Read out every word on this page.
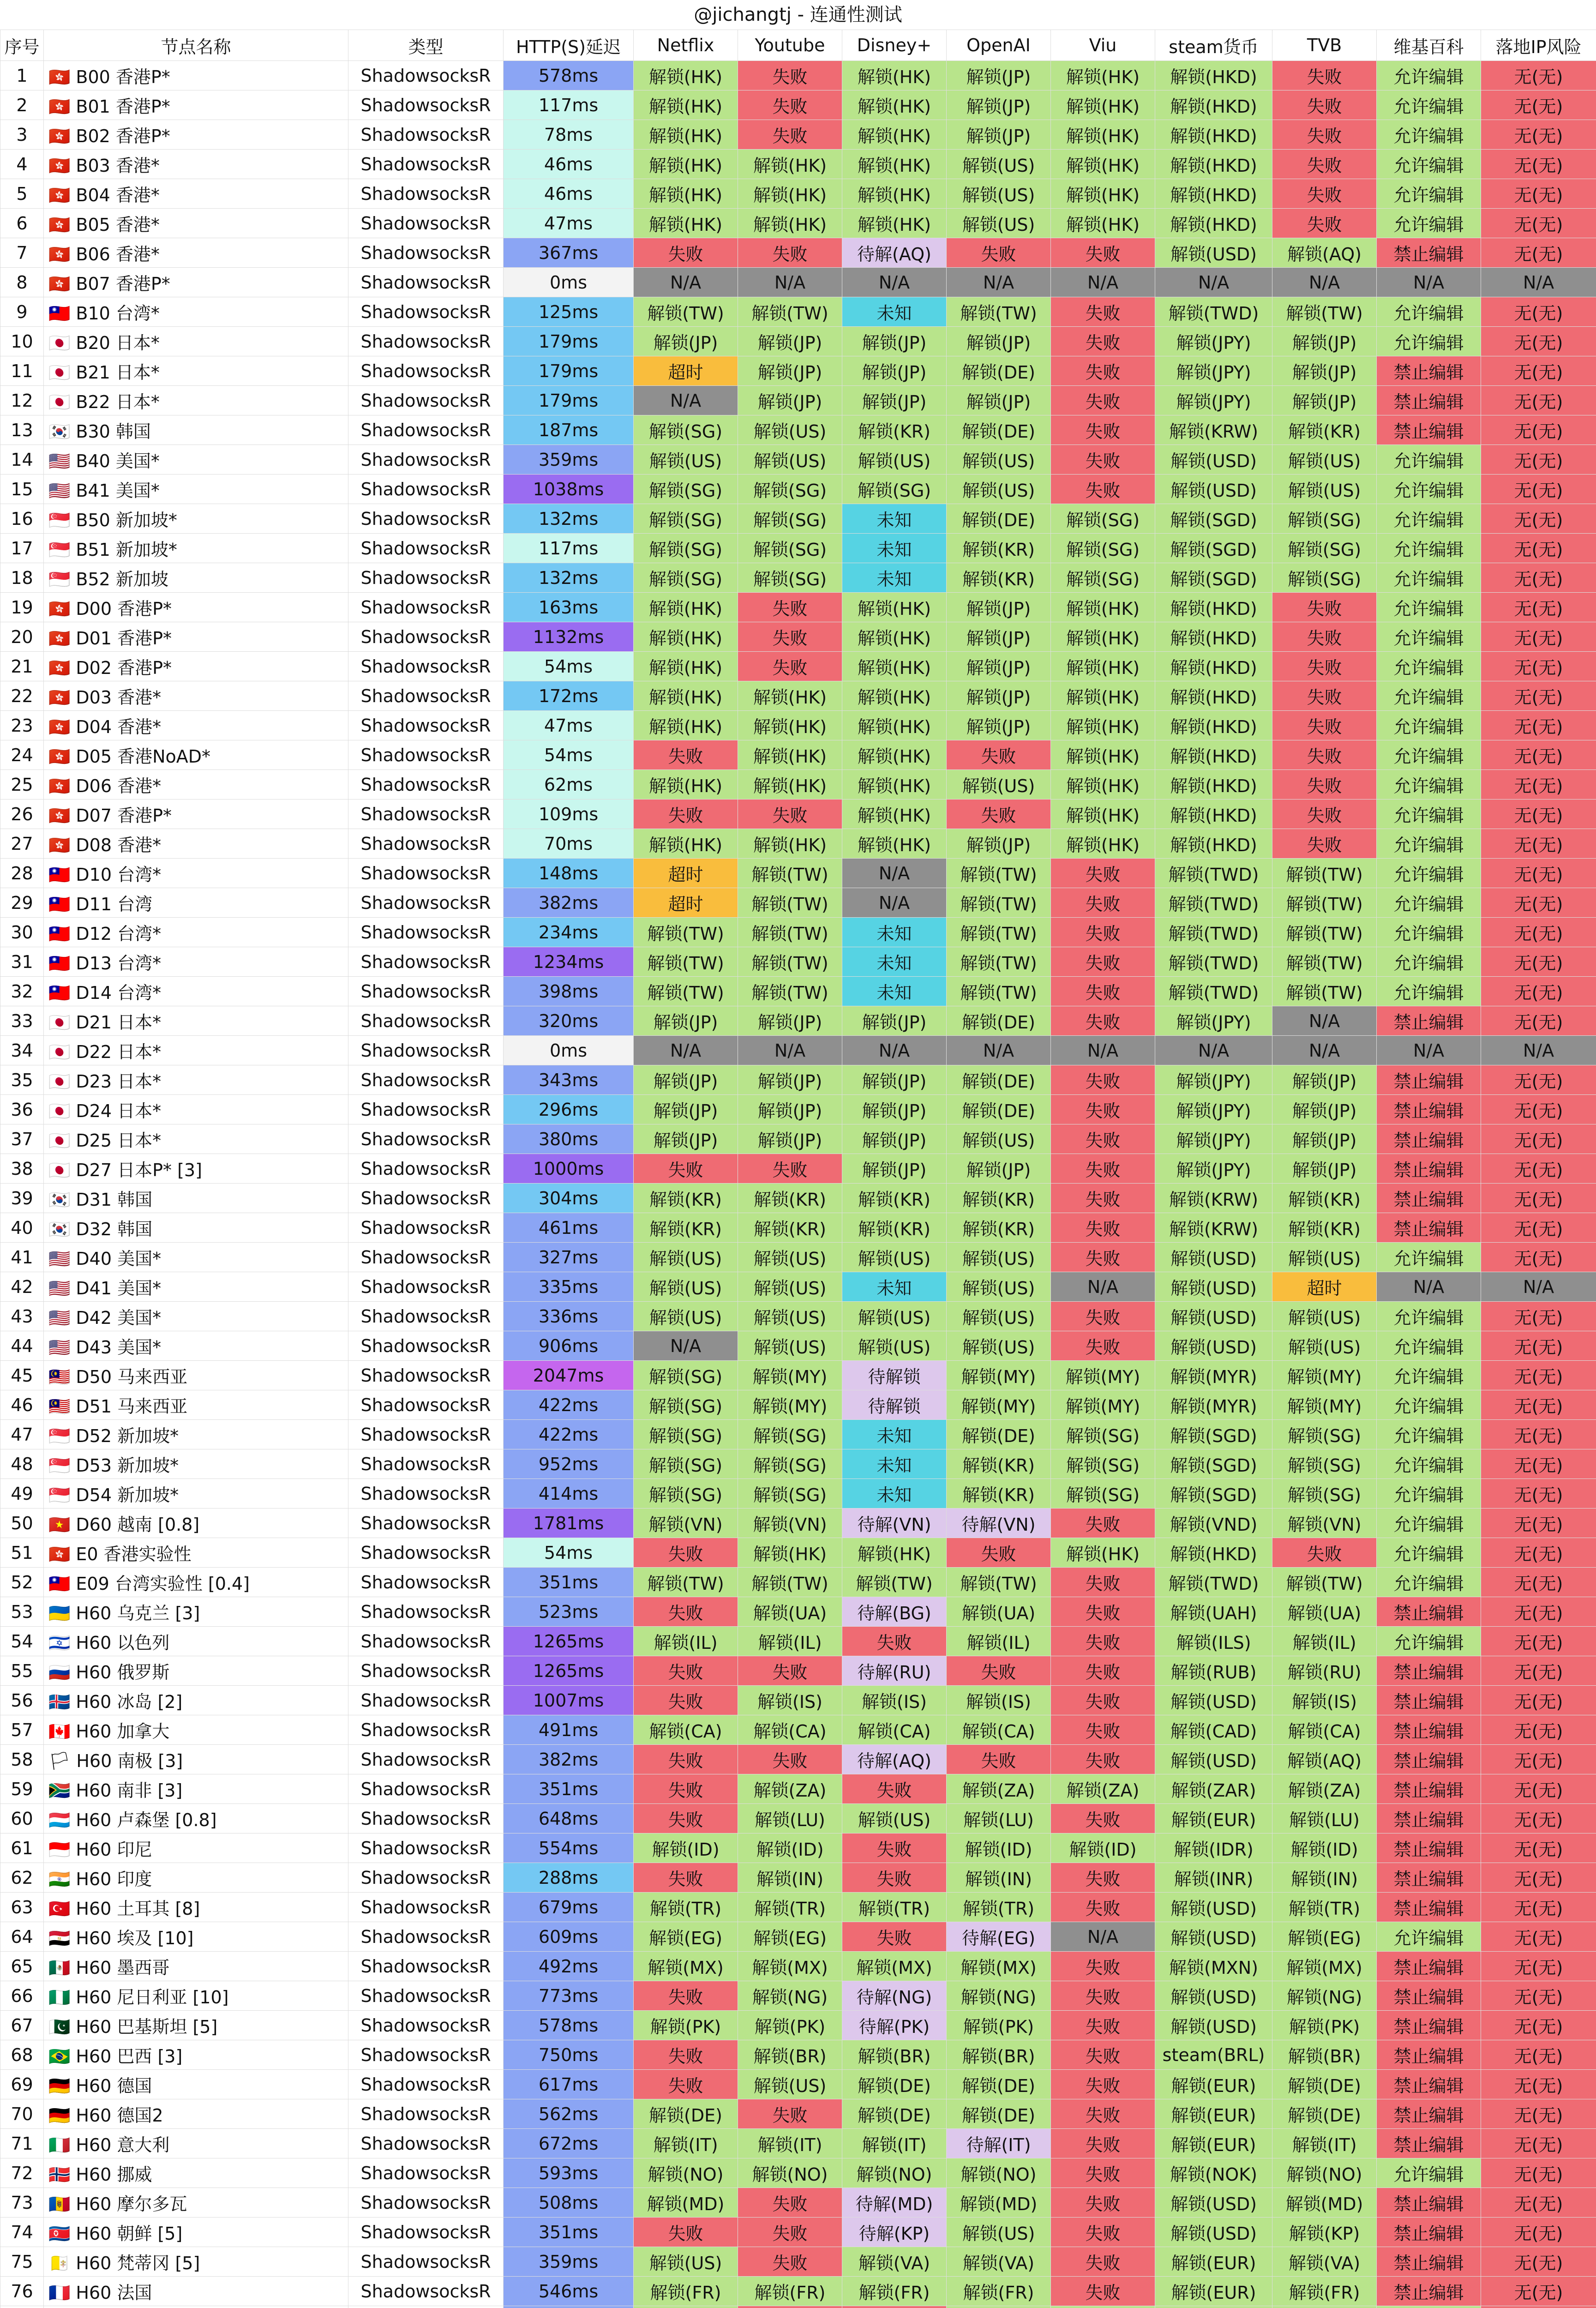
@jichangtj - 连通性测试
序号	节点名称	类型	HTTP(S)延迟	Netflix	Youtube	Disney+	OpenAI	Viu	steam货币	TVB	维基百科	落地IP风险
1	🇭🇰 B00 香港P*	ShadowsocksR	578ms	解锁(HK)	失败	解锁(HK)	解锁(JP)	解锁(HK)	解锁(HKD)	失败	允许编辑	无(无)
2	🇭🇰 B01 香港P*	ShadowsocksR	117ms	解锁(HK)	失败	解锁(HK)	解锁(JP)	解锁(HK)	解锁(HKD)	失败	允许编辑	无(无)
3	🇭🇰 B02 香港P*	ShadowsocksR	78ms	解锁(HK)	失败	解锁(HK)	解锁(JP)	解锁(HK)	解锁(HKD)	失败	允许编辑	无(无)
4	🇭🇰 B03 香港*	ShadowsocksR	46ms	解锁(HK)	解锁(HK)	解锁(HK)	解锁(US)	解锁(HK)	解锁(HKD)	失败	允许编辑	无(无)
5	🇭🇰 B04 香港*	ShadowsocksR	46ms	解锁(HK)	解锁(HK)	解锁(HK)	解锁(US)	解锁(HK)	解锁(HKD)	失败	允许编辑	无(无)
6	🇭🇰 B05 香港*	ShadowsocksR	47ms	解锁(HK)	解锁(HK)	解锁(HK)	解锁(US)	解锁(HK)	解锁(HKD)	失败	允许编辑	无(无)
7	🇭🇰 B06 香港*	ShadowsocksR	367ms	失败	失败	待解(AQ)	失败	失败	解锁(USD)	解锁(AQ)	禁止编辑	无(无)
8	🇭🇰 B07 香港P*	ShadowsocksR	0ms	N/A	N/A	N/A	N/A	N/A	N/A	N/A	N/A	N/A
9	🇹🇼 B10 台湾*	ShadowsocksR	125ms	解锁(TW)	解锁(TW)	未知	解锁(TW)	失败	解锁(TWD)	解锁(TW)	允许编辑	无(无)
10	🇯🇵 B20 日本*	ShadowsocksR	179ms	解锁(JP)	解锁(JP)	解锁(JP)	解锁(JP)	失败	解锁(JPY)	解锁(JP)	允许编辑	无(无)
11	🇯🇵 B21 日本*	ShadowsocksR	179ms	超时	解锁(JP)	解锁(JP)	解锁(DE)	失败	解锁(JPY)	解锁(JP)	禁止编辑	无(无)
12	🇯🇵 B22 日本*	ShadowsocksR	179ms	N/A	解锁(JP)	解锁(JP)	解锁(JP)	失败	解锁(JPY)	解锁(JP)	禁止编辑	无(无)
13	🇰🇷 B30 韩国	ShadowsocksR	187ms	解锁(SG)	解锁(US)	解锁(KR)	解锁(DE)	失败	解锁(KRW)	解锁(KR)	禁止编辑	无(无)
14	🇺🇸 B40 美国*	ShadowsocksR	359ms	解锁(US)	解锁(US)	解锁(US)	解锁(US)	失败	解锁(USD)	解锁(US)	允许编辑	无(无)
15	🇺🇸 B41 美国*	ShadowsocksR	1038ms	解锁(SG)	解锁(SG)	解锁(SG)	解锁(US)	失败	解锁(USD)	解锁(US)	允许编辑	无(无)
16	🇸🇬 B50 新加坡*	ShadowsocksR	132ms	解锁(SG)	解锁(SG)	未知	解锁(DE)	解锁(SG)	解锁(SGD)	解锁(SG)	允许编辑	无(无)
17	🇸🇬 B51 新加坡*	ShadowsocksR	117ms	解锁(SG)	解锁(SG)	未知	解锁(KR)	解锁(SG)	解锁(SGD)	解锁(SG)	允许编辑	无(无)
18	🇸🇬 B52 新加坡	ShadowsocksR	132ms	解锁(SG)	解锁(SG)	未知	解锁(KR)	解锁(SG)	解锁(SGD)	解锁(SG)	允许编辑	无(无)
19	🇭🇰 D00 香港P*	ShadowsocksR	163ms	解锁(HK)	失败	解锁(HK)	解锁(JP)	解锁(HK)	解锁(HKD)	失败	允许编辑	无(无)
20	🇭🇰 D01 香港P*	ShadowsocksR	1132ms	解锁(HK)	失败	解锁(HK)	解锁(JP)	解锁(HK)	解锁(HKD)	失败	允许编辑	无(无)
21	🇭🇰 D02 香港P*	ShadowsocksR	54ms	解锁(HK)	失败	解锁(HK)	解锁(JP)	解锁(HK)	解锁(HKD)	失败	允许编辑	无(无)
22	🇭🇰 D03 香港*	ShadowsocksR	172ms	解锁(HK)	解锁(HK)	解锁(HK)	解锁(JP)	解锁(HK)	解锁(HKD)	失败	允许编辑	无(无)
23	🇭🇰 D04 香港*	ShadowsocksR	47ms	解锁(HK)	解锁(HK)	解锁(HK)	解锁(JP)	解锁(HK)	解锁(HKD)	失败	允许编辑	无(无)
24	🇭🇰 D05 香港NoAD*	ShadowsocksR	54ms	失败	解锁(HK)	解锁(HK)	失败	解锁(HK)	解锁(HKD)	失败	允许编辑	无(无)
25	🇭🇰 D06 香港*	ShadowsocksR	62ms	解锁(HK)	解锁(HK)	解锁(HK)	解锁(US)	解锁(HK)	解锁(HKD)	失败	允许编辑	无(无)
26	🇭🇰 D07 香港P*	ShadowsocksR	109ms	失败	失败	解锁(HK)	失败	解锁(HK)	解锁(HKD)	失败	允许编辑	无(无)
27	🇭🇰 D08 香港*	ShadowsocksR	70ms	解锁(HK)	解锁(HK)	解锁(HK)	解锁(JP)	解锁(HK)	解锁(HKD)	失败	允许编辑	无(无)
28	🇹🇼 D10 台湾*	ShadowsocksR	148ms	超时	解锁(TW)	N/A	解锁(TW)	失败	解锁(TWD)	解锁(TW)	允许编辑	无(无)
29	🇹🇼 D11 台湾	ShadowsocksR	382ms	超时	解锁(TW)	N/A	解锁(TW)	失败	解锁(TWD)	解锁(TW)	允许编辑	无(无)
30	🇹🇼 D12 台湾*	ShadowsocksR	234ms	解锁(TW)	解锁(TW)	未知	解锁(TW)	失败	解锁(TWD)	解锁(TW)	允许编辑	无(无)
31	🇹🇼 D13 台湾*	ShadowsocksR	1234ms	解锁(TW)	解锁(TW)	未知	解锁(TW)	失败	解锁(TWD)	解锁(TW)	允许编辑	无(无)
32	🇹🇼 D14 台湾*	ShadowsocksR	398ms	解锁(TW)	解锁(TW)	未知	解锁(TW)	失败	解锁(TWD)	解锁(TW)	允许编辑	无(无)
33	🇯🇵 D21 日本*	ShadowsocksR	320ms	解锁(JP)	解锁(JP)	解锁(JP)	解锁(DE)	失败	解锁(JPY)	N/A	禁止编辑	无(无)
34	🇯🇵 D22 日本*	ShadowsocksR	0ms	N/A	N/A	N/A	N/A	N/A	N/A	N/A	N/A	N/A
35	🇯🇵 D23 日本*	ShadowsocksR	343ms	解锁(JP)	解锁(JP)	解锁(JP)	解锁(DE)	失败	解锁(JPY)	解锁(JP)	禁止编辑	无(无)
36	🇯🇵 D24 日本*	ShadowsocksR	296ms	解锁(JP)	解锁(JP)	解锁(JP)	解锁(DE)	失败	解锁(JPY)	解锁(JP)	禁止编辑	无(无)
37	🇯🇵 D25 日本*	ShadowsocksR	380ms	解锁(JP)	解锁(JP)	解锁(JP)	解锁(US)	失败	解锁(JPY)	解锁(JP)	禁止编辑	无(无)
38	🇯🇵 D27 日本P* [3]	ShadowsocksR	1000ms	失败	失败	解锁(JP)	解锁(JP)	失败	解锁(JPY)	解锁(JP)	禁止编辑	无(无)
39	🇰🇷 D31 韩国	ShadowsocksR	304ms	解锁(KR)	解锁(KR)	解锁(KR)	解锁(KR)	失败	解锁(KRW)	解锁(KR)	禁止编辑	无(无)
40	🇰🇷 D32 韩国	ShadowsocksR	461ms	解锁(KR)	解锁(KR)	解锁(KR)	解锁(KR)	失败	解锁(KRW)	解锁(KR)	禁止编辑	无(无)
41	🇺🇸 D40 美国*	ShadowsocksR	327ms	解锁(US)	解锁(US)	解锁(US)	解锁(US)	失败	解锁(USD)	解锁(US)	允许编辑	无(无)
42	🇺🇸 D41 美国*	ShadowsocksR	335ms	解锁(US)	解锁(US)	未知	解锁(US)	N/A	解锁(USD)	超时	N/A	N/A
43	🇺🇸 D42 美国*	ShadowsocksR	336ms	解锁(US)	解锁(US)	解锁(US)	解锁(US)	失败	解锁(USD)	解锁(US)	允许编辑	无(无)
44	🇺🇸 D43 美国*	ShadowsocksR	906ms	N/A	解锁(US)	解锁(US)	解锁(US)	失败	解锁(USD)	解锁(US)	允许编辑	无(无)
45	🇲🇾 D50 马来西亚	ShadowsocksR	2047ms	解锁(SG)	解锁(MY)	待解锁	解锁(MY)	解锁(MY)	解锁(MYR)	解锁(MY)	允许编辑	无(无)
46	🇲🇾 D51 马来西亚	ShadowsocksR	422ms	解锁(SG)	解锁(MY)	待解锁	解锁(MY)	解锁(MY)	解锁(MYR)	解锁(MY)	允许编辑	无(无)
47	🇸🇬 D52 新加坡*	ShadowsocksR	422ms	解锁(SG)	解锁(SG)	未知	解锁(DE)	解锁(SG)	解锁(SGD)	解锁(SG)	允许编辑	无(无)
48	🇸🇬 D53 新加坡*	ShadowsocksR	952ms	解锁(SG)	解锁(SG)	未知	解锁(KR)	解锁(SG)	解锁(SGD)	解锁(SG)	允许编辑	无(无)
49	🇸🇬 D54 新加坡*	ShadowsocksR	414ms	解锁(SG)	解锁(SG)	未知	解锁(KR)	解锁(SG)	解锁(SGD)	解锁(SG)	允许编辑	无(无)
50	🇻🇳 D60 越南 [0.8]	ShadowsocksR	1781ms	解锁(VN)	解锁(VN)	待解(VN)	待解(VN)	失败	解锁(VND)	解锁(VN)	允许编辑	无(无)
51	🇭🇰 E0 香港实验性	ShadowsocksR	54ms	失败	解锁(HK)	解锁(HK)	失败	解锁(HK)	解锁(HKD)	失败	允许编辑	无(无)
52	🇹🇼 E09 台湾实验性 [0.4]	ShadowsocksR	351ms	解锁(TW)	解锁(TW)	解锁(TW)	解锁(TW)	失败	解锁(TWD)	解锁(TW)	允许编辑	无(无)
53	🇺🇦 H60 乌克兰 [3]	ShadowsocksR	523ms	失败	解锁(UA)	待解(BG)	解锁(UA)	失败	解锁(UAH)	解锁(UA)	禁止编辑	无(无)
54	🇮🇱 H60 以色列	ShadowsocksR	1265ms	解锁(IL)	解锁(IL)	失败	解锁(IL)	失败	解锁(ILS)	解锁(IL)	允许编辑	无(无)
55	🇷🇺 H60 俄罗斯	ShadowsocksR	1265ms	失败	失败	待解(RU)	失败	失败	解锁(RUB)	解锁(RU)	禁止编辑	无(无)
56	🇮🇸 H60 冰岛 [2]	ShadowsocksR	1007ms	失败	解锁(IS)	解锁(IS)	解锁(IS)	失败	解锁(USD)	解锁(IS)	禁止编辑	无(无)
57	🇨🇦 H60 加拿大	ShadowsocksR	491ms	解锁(CA)	解锁(CA)	解锁(CA)	解锁(CA)	失败	解锁(CAD)	解锁(CA)	禁止编辑	无(无)
58	🏳 H60 南极 [3]	ShadowsocksR	382ms	失败	失败	待解(AQ)	失败	失败	解锁(USD)	解锁(AQ)	禁止编辑	无(无)
59	🇿🇦 H60 南非 [3]	ShadowsocksR	351ms	失败	解锁(ZA)	失败	解锁(ZA)	解锁(ZA)	解锁(ZAR)	解锁(ZA)	禁止编辑	无(无)
60	🇱🇺 H60 卢森堡 [0.8]	ShadowsocksR	648ms	失败	解锁(LU)	解锁(US)	解锁(LU)	失败	解锁(EUR)	解锁(LU)	禁止编辑	无(无)
61	🇮🇩 H60 印尼	ShadowsocksR	554ms	解锁(ID)	解锁(ID)	失败	解锁(ID)	解锁(ID)	解锁(IDR)	解锁(ID)	禁止编辑	无(无)
62	🇮🇳 H60 印度	ShadowsocksR	288ms	失败	解锁(IN)	失败	解锁(IN)	失败	解锁(INR)	解锁(IN)	禁止编辑	无(无)
63	🇹🇷 H60 土耳其 [8]	ShadowsocksR	679ms	解锁(TR)	解锁(TR)	解锁(TR)	解锁(TR)	失败	解锁(USD)	解锁(TR)	禁止编辑	无(无)
64	🇪🇬 H60 埃及 [10]	ShadowsocksR	609ms	解锁(EG)	解锁(EG)	失败	待解(EG)	N/A	解锁(USD)	解锁(EG)	允许编辑	无(无)
65	🇲🇽 H60 墨西哥	ShadowsocksR	492ms	解锁(MX)	解锁(MX)	解锁(MX)	解锁(MX)	失败	解锁(MXN)	解锁(MX)	禁止编辑	无(无)
66	🇳🇬 H60 尼日利亚 [10]	ShadowsocksR	773ms	失败	解锁(NG)	待解(NG)	解锁(NG)	失败	解锁(USD)	解锁(NG)	禁止编辑	无(无)
67	🇵🇰 H60 巴基斯坦 [5]	ShadowsocksR	578ms	解锁(PK)	解锁(PK)	待解(PK)	解锁(PK)	失败	解锁(USD)	解锁(PK)	禁止编辑	无(无)
68	🇧🇷 H60 巴西 [3]	ShadowsocksR	750ms	失败	解锁(BR)	解锁(BR)	解锁(BR)	失败	steam(BRL)	解锁(BR)	禁止编辑	无(无)
69	🇩🇪 H60 德国	ShadowsocksR	617ms	失败	解锁(US)	解锁(DE)	解锁(DE)	失败	解锁(EUR)	解锁(DE)	禁止编辑	无(无)
70	🇩🇪 H60 德国2	ShadowsocksR	562ms	解锁(DE)	失败	解锁(DE)	解锁(DE)	失败	解锁(EUR)	解锁(DE)	禁止编辑	无(无)
71	🇮🇹 H60 意大利	ShadowsocksR	672ms	解锁(IT)	解锁(IT)	解锁(IT)	待解(IT)	失败	解锁(EUR)	解锁(IT)	禁止编辑	无(无)
72	🇳🇴 H60 挪威	ShadowsocksR	593ms	解锁(NO)	解锁(NO)	解锁(NO)	解锁(NO)	失败	解锁(NOK)	解锁(NO)	允许编辑	无(无)
73	🇲🇩 H60 摩尔多瓦	ShadowsocksR	508ms	解锁(MD)	失败	待解(MD)	解锁(MD)	失败	解锁(USD)	解锁(MD)	禁止编辑	无(无)
74	🇰🇵 H60 朝鲜 [5]	ShadowsocksR	351ms	失败	失败	待解(KP)	解锁(US)	失败	解锁(USD)	解锁(KP)	禁止编辑	无(无)
75	🇻🇦 H60 梵蒂冈 [5]	ShadowsocksR	359ms	解锁(US)	失败	解锁(VA)	解锁(VA)	失败	解锁(EUR)	解锁(VA)	禁止编辑	无(无)
76	🇫🇷 H60 法国	ShadowsocksR	546ms	解锁(FR)	解锁(FR)	解锁(FR)	解锁(FR)	失败	解锁(EUR)	解锁(FR)	禁止编辑	无(无)
